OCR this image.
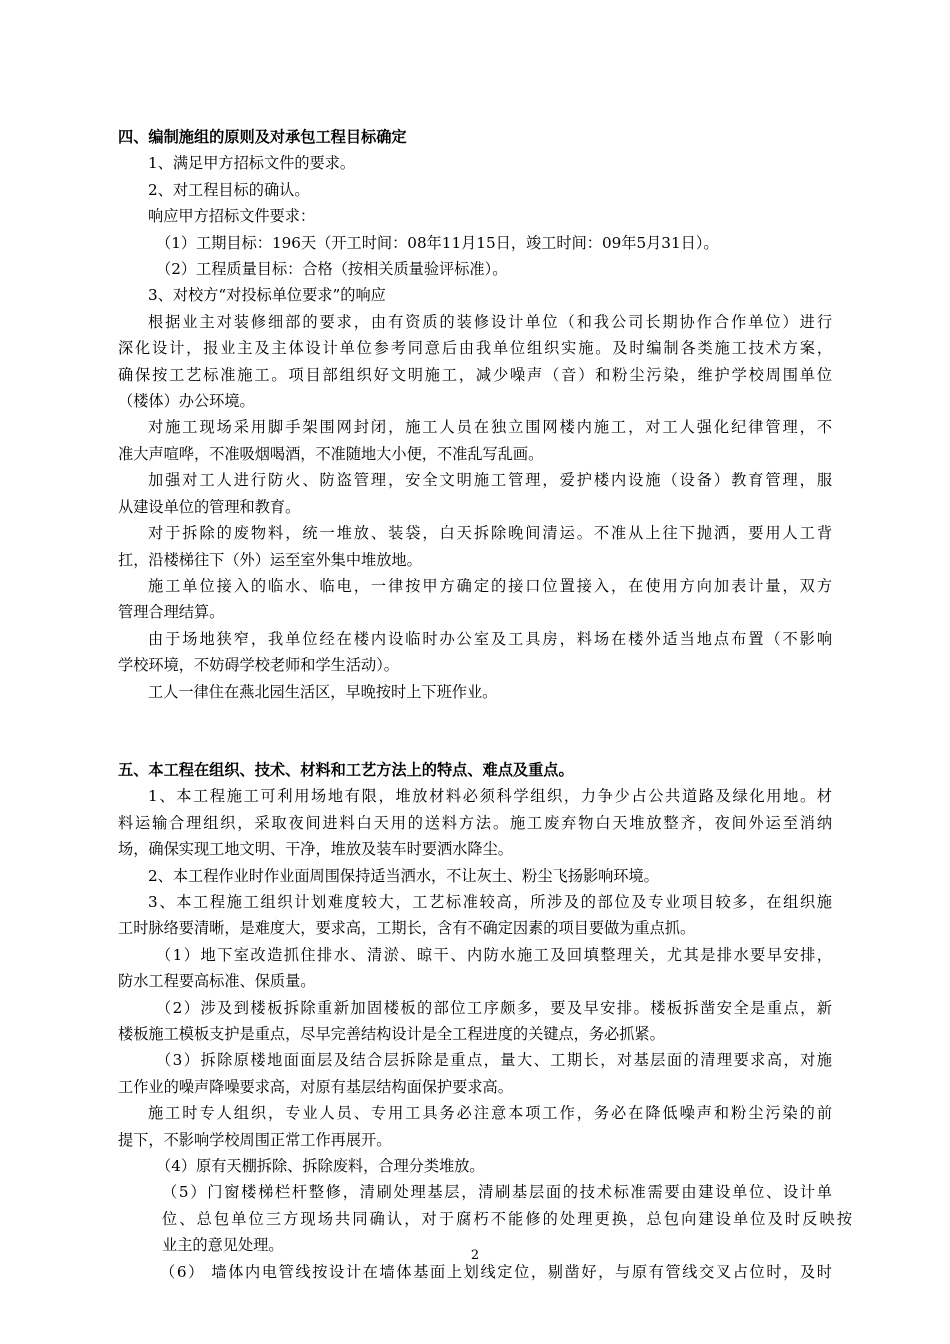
四、编制施组的原则及对承包工程目标确定

1、满足甲方招标文件的要求。

2、对工程目标的确认。

响应甲方招标文件要求：

（1）工期目标：196天（开工时间：08年11月15日，竣工时间：09年5月31日）。

（2）工程质量目标：合格（按相关质量验评标准）。

3、对校方“对投标单位要求”的响应

根据业主对装修细部的要求，由有资质的装修设计单位（和我公司长期协作合作单位）进行

深化设计，报业主及主体设计单位参考同意后由我单位组织实施。及时编制各类施工技术方案，

确保按工艺标准施工。项目部组织好文明施工，减少噪声（音）和粉尘污染，维护学校周围单位

（楼体）办公环境。

对施工现场采用脚手架围网封闭，施工人员在独立围网楼内施工，对工人强化纪律管理，不

准大声喧哗，不准吸烟喝酒，不准随地大小便，不准乱写乱画。

加强对工人进行防火、防盗管理，安全文明施工管理，爱护楼内设施（设备）教育管理，服

从建设单位的管理和教育。

对于拆除的废物料，统一堆放、装袋，白天拆除晚间清运。不准从上往下抛洒，要用人工背

扛，沿楼梯往下（外）运至室外集中堆放地。

施工单位接入的临水、临电，一律按甲方确定的接口位置接入，在使用方向加表计量，双方

管理合理结算。

由于场地狭窄，我单位经在楼内设临时办公室及工具房，料场在楼外适当地点布置（不影响

学校环境，不妨碍学校老师和学生活动）。

工人一律住在燕北园生活区，早晚按时上下班作业。

五、本工程在组织、技术、材料和工艺方法上的特点、难点及重点。

1、本工程施工可利用场地有限，堆放材料必须科学组织，力争少占公共道路及绿化用地。材

料运输合理组织，采取夜间进料白天用的送料方法。施工废弃物白天堆放整齐，夜间外运至消纳

场，确保实现工地文明、干净，堆放及装车时要洒水降尘。

2、本工程作业时作业面周围保持适当洒水，不让灰土、粉尘飞扬影响环境。

3、本工程施工组织计划难度较大，工艺标准较高，所涉及的部位及专业项目较多，在组织施

工时脉络要清晰，是难度大，要求高，工期长，含有不确定因素的项目要做为重点抓。

（1）地下室改造抓住排水、清淤、晾干、内防水施工及回填整理关，尤其是排水要早安排，

防水工程要高标准、保质量。

（2）涉及到楼板拆除重新加固楼板的部位工序颇多，要及早安排。楼板拆凿安全是重点，新

楼板施工模板支护是重点，尽早完善结构设计是全工程进度的关键点，务必抓紧。

（3）拆除原楼地面面层及结合层拆除是重点，量大、工期长，对基层面的清理要求高，对施

工作业的噪声降噪要求高，对原有基层结构面保护要求高。

施工时专人组织，专业人员、专用工具务必注意本项工作，务必在降低噪声和粉尘污染的前

提下，不影响学校周围正常工作再展开。

（4）原有天棚拆除、拆除废料，合理分类堆放。

（5）门窗楼梯栏杆整修，清刷处理基层，清刷基层面的技术标准需要由建设单位、设计单

位、总包单位三方现场共同确认，对于腐朽不能修的处理更换，总包向建设单位及时反映按

业主的意见处理。

（6） 墙体内电管线按设计在墙体基面上划线定位，剔凿好，与原有管线交叉占位时，及时

2
